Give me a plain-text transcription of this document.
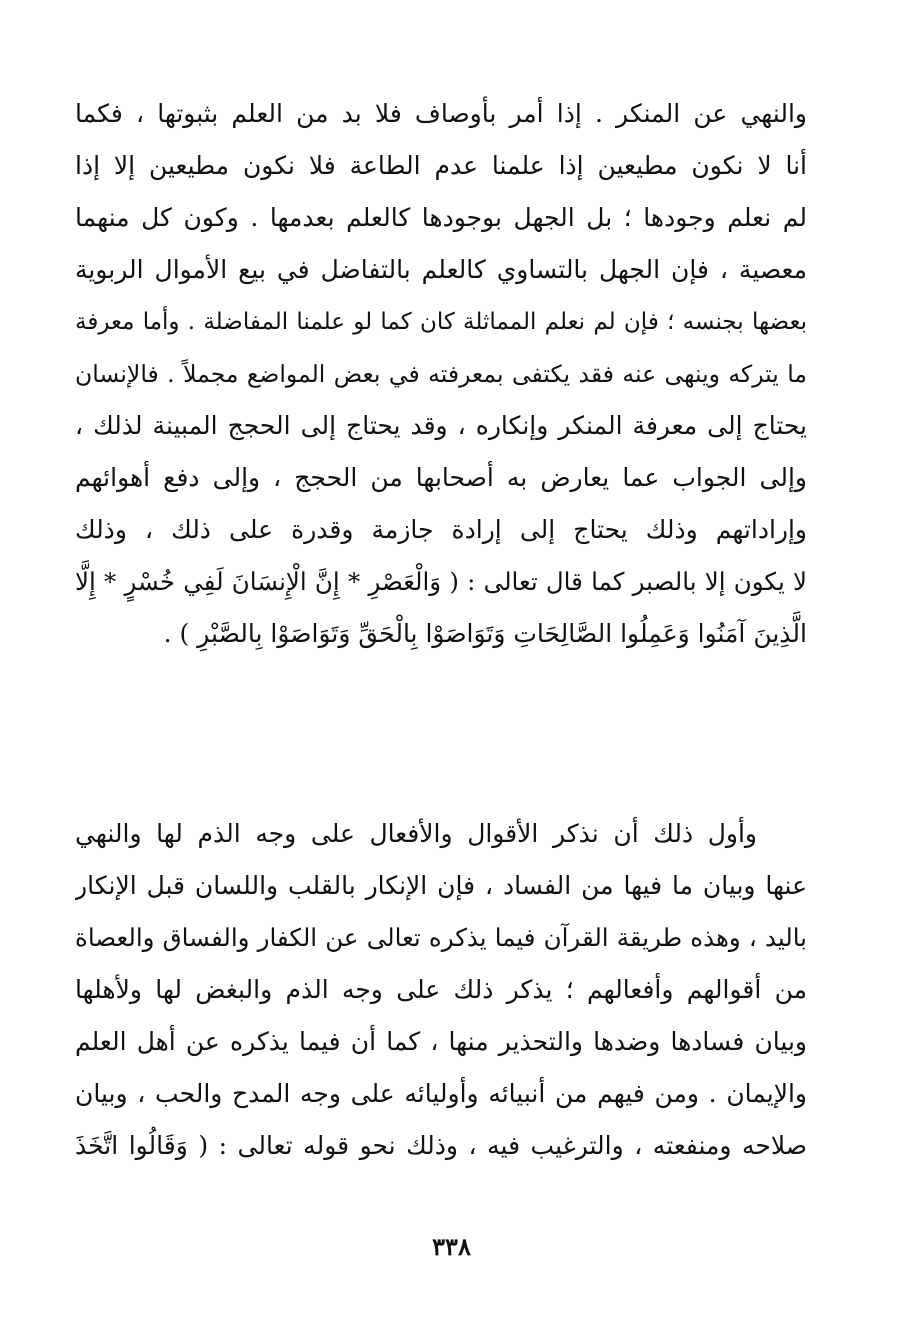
والنهي عن المنكر . إذا أمر بأوصاف فلا بد من العلم بثبوتها ، فكما
أنا لا نكون مطيعين إذا علمنا عدم الطاعة فلا نكون مطيعين إلا إذا
لم نعلم وجودها ؛ بل الجهل بوجودها كالعلم بعدمها . وكون كل منهما
معصية ، فإن الجهل بالتساوي كالعلم بالتفاضل في بيع الأموال الربوية
بعضها بجنسه ؛ فإن لم نعلم المماثلة كان كما لو علمنا المفاضلة . وأما معرفة
ما يتركه وينهى عنه فقد يكتفى بمعرفته في بعض المواضع مجملاً . فالإنسان
يحتاج إلى معرفة المنكر وإنكاره ، وقد يحتاج إلى الحجج المبينة لذلك ،
وإلى الجواب عما يعارض به أصحابها من الحجج ، وإلى دفع أهوائهم
وإراداتهم وذلك يحتاج إلى إرادة جازمة وقدرة على ذلك ، وذلك
لا يكون إلا بالصبر كما قال تعالى : ( وَالْعَصْرِ * إِنَّ الْإِنسَانَ لَفِي خُسْرٍ * إِلَّا
الَّذِينَ آمَنُوا وَعَمِلُوا الصَّالِحَاتِ وَتَوَاصَوْا بِالْحَقِّ وَتَوَاصَوْا بِالصَّبْرِ ) .
وأول ذلك أن نذكر الأقوال والأفعال على وجه الذم لها والنهي
عنها وبيان ما فيها من الفساد ، فإن الإنكار بالقلب واللسان قبل الإنكار
باليد ، وهذه طريقة القرآن فيما يذكره تعالى عن الكفار والفساق والعصاة
من أقوالهم وأفعالهم ؛ يذكر ذلك على وجه الذم والبغض لها ولأهلها
وبيان فسادها وضدها والتحذير منها ، كما أن فيما يذكره عن أهل العلم
والإيمان . ومن فيهم من أنبيائه وأوليائه على وجه المدح والحب ، وبيان
صلاحه ومنفعته ، والترغيب فيه ، وذلك نحو قوله تعالى : ( وَقَالُوا اتَّخَذَ
٣٣٨
